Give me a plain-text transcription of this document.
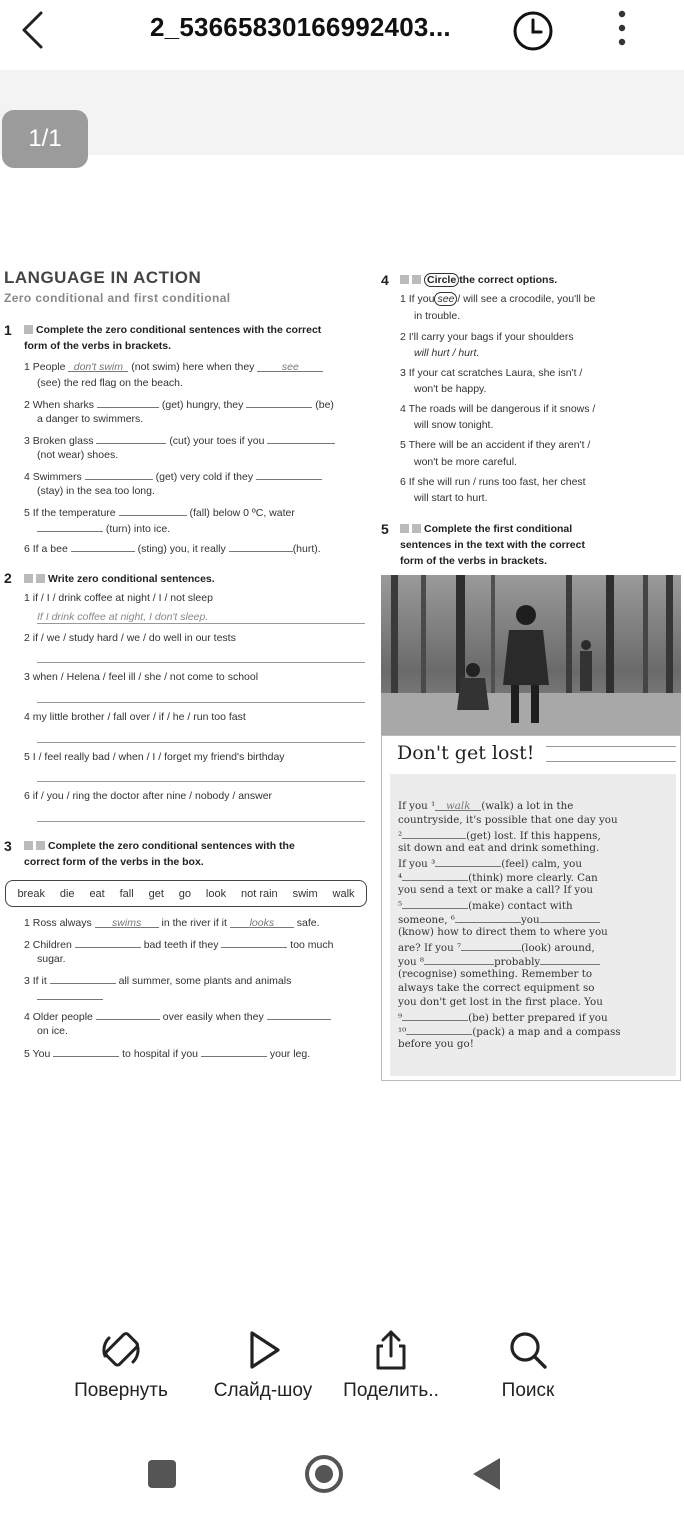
2_53665830166992403...
1/1
LANGUAGE IN ACTION
Zero conditional and first conditional
1	Complete the zero conditional sentences with the correct
form of the verbs in brackets.
1 People don't swim (not swim) here when they	see
(see) the red flag on the beach.
2 When sharks	(get) hungry, they	(be)
a danger to swimmers.
3 Broken glass	(cut) your toes if you
(not wear) shoes.
4 Swimmers	(get) very cold if they
(stay) in the sea too long.
5 If the temperature	(fall) below 0 ºC, water
(turn) into ice.
6 If a bee	(sting) you, it really	(hurt).
2	Write zero conditional sentences.
1 if / I / drink coffee at night / I / not sleep
If I drink coffee at night, I don't sleep.
2 if / we / study hard / we / do well in our tests
3 when / Helena / feel ill / she / not come to school
4 my little brother / fall over / if / he / run too fast
5 I / feel really bad / when / I / forget my friend's birthday
6 if / you / ring the doctor after nine / nobody / answer
3	Complete the zero conditional sentences with the
correct form of the verbs in the box.
break die eat fall get go look not rain swim walk
1 Ross always swims in the river if it looks safe.
2 Children	bad teeth if they	too much
sugar.
3 If it	all summer, some plants and animals
4 Older people	over easily when they
on ice.
5 You	to hospital if you	your leg.
4	Circle the correct options.
1 If you see / will see a crocodile, you'll be
in trouble.
2 I'll carry your bags if your shoulders
will hurt / hurt.
3 If your cat scratches Laura, she isn't /
won't be happy.
4 The roads will be dangerous if it snows /
will snow tonight.
5 There will be an accident if they aren't /
won't be more careful.
6 If she will run / runs too fast, her chest
will start to hurt.
5	Complete the first conditional
sentences in the text with the correct
form of the verbs in brackets.
Don't get lost!
If you ¹ walk (walk) a lot in the
countryside, it's possible that one day you
²	(get) lost. If this happens,
sit down and eat and drink something.
If you ³	(feel) calm, you
⁴	(think) more clearly. Can
you send a text or make a call? If you
⁵	(make) contact with
someone, ⁶	you
(know) how to direct them to where you
are? If you ⁷	(look) around,
you ⁸	probably
(recognise) something. Remember to
always take the correct equipment so
you don't get lost in the first place. You
⁹	(be) better prepared if you
¹⁰	(pack) a map and a compass
before you go!
Повернуть	Слайд-шоу	Поделить..	Поиск
